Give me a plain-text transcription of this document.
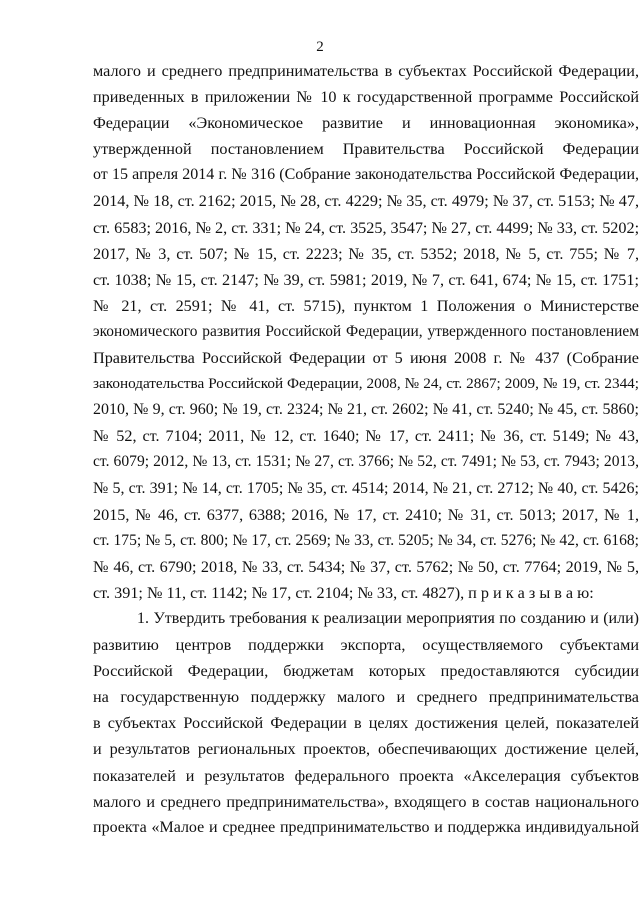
2
малого и среднего предпринимательства в субъектах Российской Федерации,
приведенных в приложении № 10 к государственной программе Российской
Федерации «Экономическое развитие и инновационная экономика»,
утвержденной постановлением Правительства Российской Федерации
от 15 апреля 2014 г. № 316 (Собрание законодательства Российской Федерации,
2014, № 18, ст. 2162; 2015, № 28, ст. 4229; № 35, ст. 4979; № 37, ст. 5153; № 47,
ст. 6583; 2016, № 2, ст. 331; № 24, ст. 3525, 3547; № 27, ст. 4499; № 33, ст. 5202;
2017, № 3, ст. 507; № 15, ст. 2223; № 35, ст. 5352; 2018, № 5, ст. 755; № 7,
ст. 1038; № 15, ст. 2147; № 39, ст. 5981; 2019, № 7, ст. 641, 674; № 15, ст. 1751;
№ 21, ст. 2591; № 41, ст. 5715), пунктом 1 Положения о Министерстве
экономического развития Российской Федерации, утвержденного постановлением
Правительства Российской Федерации от 5 июня 2008 г. № 437 (Собрание
законодательства Российской Федерации, 2008, № 24, ст. 2867; 2009, № 19, ст. 2344;
2010, № 9, ст. 960; № 19, ст. 2324; № 21, ст. 2602; № 41, ст. 5240; № 45, ст. 5860;
№ 52, ст. 7104; 2011, № 12, ст. 1640; № 17, ст. 2411; № 36, ст. 5149; № 43,
ст. 6079; 2012, № 13, ст. 1531; № 27, ст. 3766; № 52, ст. 7491; № 53, ст. 7943; 2013,
№ 5, ст. 391; № 14, ст. 1705; № 35, ст. 4514; 2014, № 21, ст. 2712; № 40, ст. 5426;
2015, № 46, ст. 6377, 6388; 2016, № 17, ст. 2410; № 31, ст. 5013; 2017, № 1,
ст. 175; № 5, ст. 800; № 17, ст. 2569; № 33, ст. 5205; № 34, ст. 5276; № 42, ст. 6168;
№ 46, ст. 6790; 2018, № 33, ст. 5434; № 37, ст. 5762; № 50, ст. 7764; 2019, № 5,
ст. 391; № 11, ст. 1142; № 17, ст. 2104; № 33, ст. 4827), п р и к а з ы в а ю:
1. Утвердить требования к реализации мероприятия по созданию и (или)
развитию центров поддержки экспорта, осуществляемого субъектами
Российской Федерации, бюджетам которых предоставляются субсидии
на государственную поддержку малого и среднего предпринимательства
в субъектах Российской Федерации в целях достижения целей, показателей
и результатов региональных проектов, обеспечивающих достижение целей,
показателей и результатов федерального проекта «Акселерация субъектов
малого и среднего предпринимательства», входящего в состав национального
проекта «Малое и среднее предпринимательство и поддержка индивидуальной
